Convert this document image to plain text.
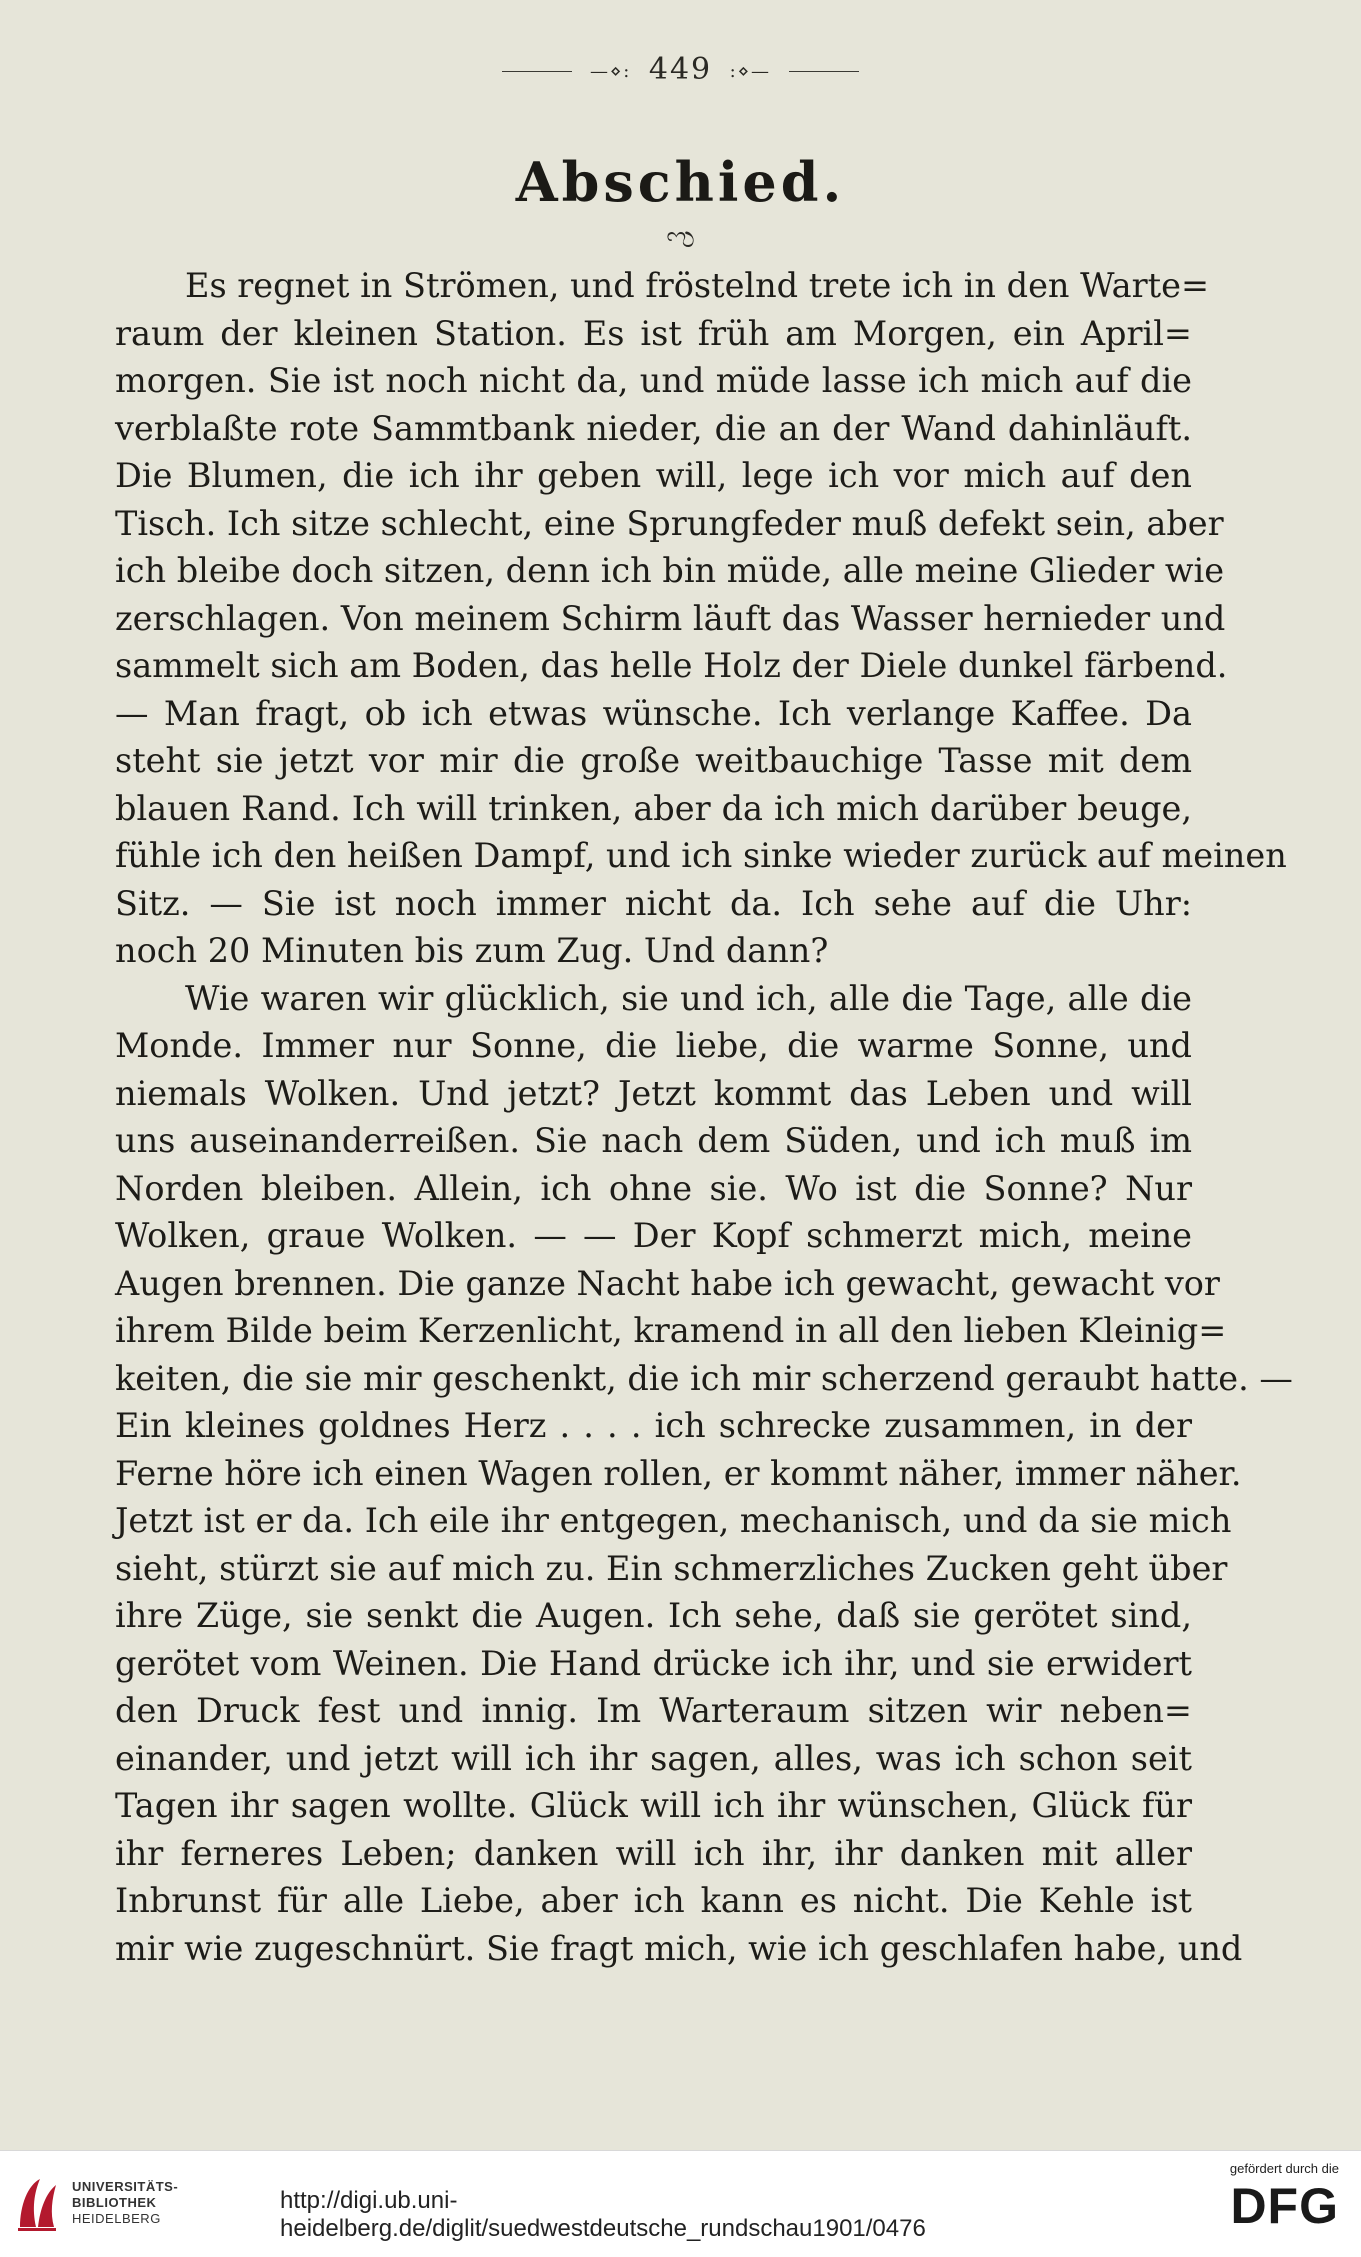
—⋄: 449 :⋄—
Abschied.
ಌ
Es regnet in Strömen, und fröstelnd trete ich in den Warte=
raum der kleinen Station. Es ist früh am Morgen, ein April=
morgen. Sie ist noch nicht da, und müde lasse ich mich auf die
verblaßte rote Sammtbank nieder, die an der Wand dahinläuft.
Die Blumen, die ich ihr geben will, lege ich vor mich auf den
Tisch. Ich sitze schlecht, eine Sprungfeder muß defekt sein, aber
ich bleibe doch sitzen, denn ich bin müde, alle meine Glieder wie
zerschlagen. Von meinem Schirm läuft das Wasser hernieder und
sammelt sich am Boden, das helle Holz der Diele dunkel färbend.
— Man fragt, ob ich etwas wünsche. Ich verlange Kaffee. Da
steht sie jetzt vor mir die große weitbauchige Tasse mit dem
blauen Rand. Ich will trinken, aber da ich mich darüber beuge,
fühle ich den heißen Dampf, und ich sinke wieder zurück auf meinen
Sitz. — Sie ist noch immer nicht da. Ich sehe auf die Uhr:
noch 20 Minuten bis zum Zug. Und dann?
Wie waren wir glücklich, sie und ich, alle die Tage, alle die
Monde. Immer nur Sonne, die liebe, die warme Sonne, und
niemals Wolken. Und jetzt? Jetzt kommt das Leben und will
uns auseinanderreißen. Sie nach dem Süden, und ich muß im
Norden bleiben. Allein, ich ohne sie. Wo ist die Sonne? Nur
Wolken, graue Wolken. — — Der Kopf schmerzt mich, meine
Augen brennen. Die ganze Nacht habe ich gewacht, gewacht vor
ihrem Bilde beim Kerzenlicht, kramend in all den lieben Kleinig=
keiten, die sie mir geschenkt, die ich mir scherzend geraubt hatte. —
Ein kleines goldnes Herz . . . . ich schrecke zusammen, in der
Ferne höre ich einen Wagen rollen, er kommt näher, immer näher.
Jetzt ist er da. Ich eile ihr entgegen, mechanisch, und da sie mich
sieht, stürzt sie auf mich zu. Ein schmerzliches Zucken geht über
ihre Züge, sie senkt die Augen. Ich sehe, daß sie gerötet sind,
gerötet vom Weinen. Die Hand drücke ich ihr, und sie erwidert
den Druck fest und innig. Im Warteraum sitzen wir neben=
einander, und jetzt will ich ihr sagen, alles, was ich schon seit
Tagen ihr sagen wollte. Glück will ich ihr wünschen, Glück für
ihr ferneres Leben; danken will ich ihr, ihr danken mit aller
Inbrunst für alle Liebe, aber ich kann es nicht. Die Kehle ist
mir wie zugeschnürt. Sie fragt mich, wie ich geschlafen habe, und
UNIVERSITÄTS-
BIBLIOTHEK
HEIDELBERG
http://digi.ub.uni-heidelberg.de/diglit/suedwestdeutsche_rundschau1901/0476
gefördert durch die
DFG
